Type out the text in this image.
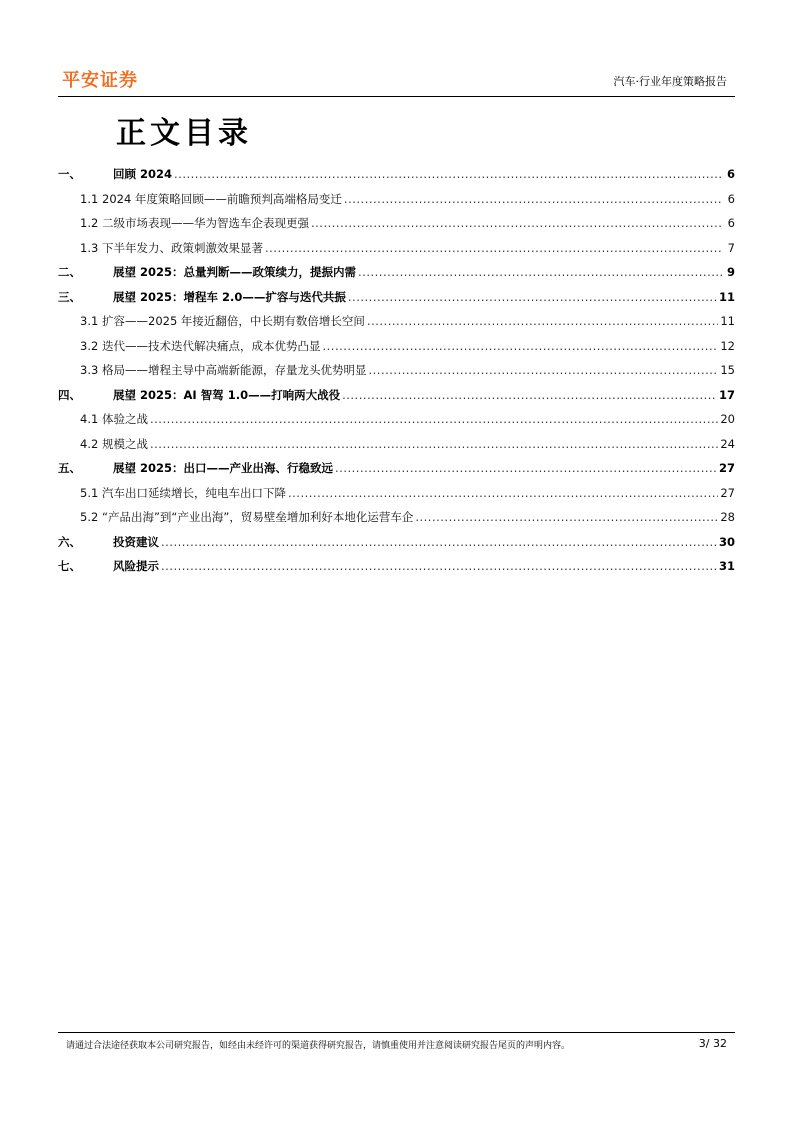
平安证券	汽车·行业年度策略报告
正文目录
一、	回顾 2024 .....	6
1.1 2024 年度策略回顾——前瞻预判高端格局变迁 .....	6
1.2 二级市场表现——华为智选车企表现更强 .....	6
1.3 下半年发力、政策刺激效果显著 .....	7
二、	展望 2025：总量判断——政策续力，提振内需 .....	9
三、	展望 2025：增程车 2.0——扩容与迭代共振 .....	11
3.1 扩容——2025 年接近翻倍，中长期有数倍增长空间 .....	11
3.2 迭代——技术迭代解决痛点，成本优势凸显 .....	12
3.3 格局——增程主导中高端新能源，存量龙头优势明显 .....	15
四、	展望 2025：AI 智驾 1.0——打响两大战役 .....	17
4.1 体验之战 .....	20
4.2 规模之战 .....	24
五、	展望 2025：出口——产业出海、行稳致远 .....	27
5.1 汽车出口延续增长，纯电车出口下降 .....	27
5.2 “产品出海”到“产业出海”，贸易壁垒增加利好本地化运营车企 .....	28
六、	投资建议 .....	30
七、	风险提示 .....	31
请通过合法途径获取本公司研究报告，如经由未经许可的渠道获得研究报告，请慎重使用并注意阅读研究报告尾页的声明内容。	3/ 32
